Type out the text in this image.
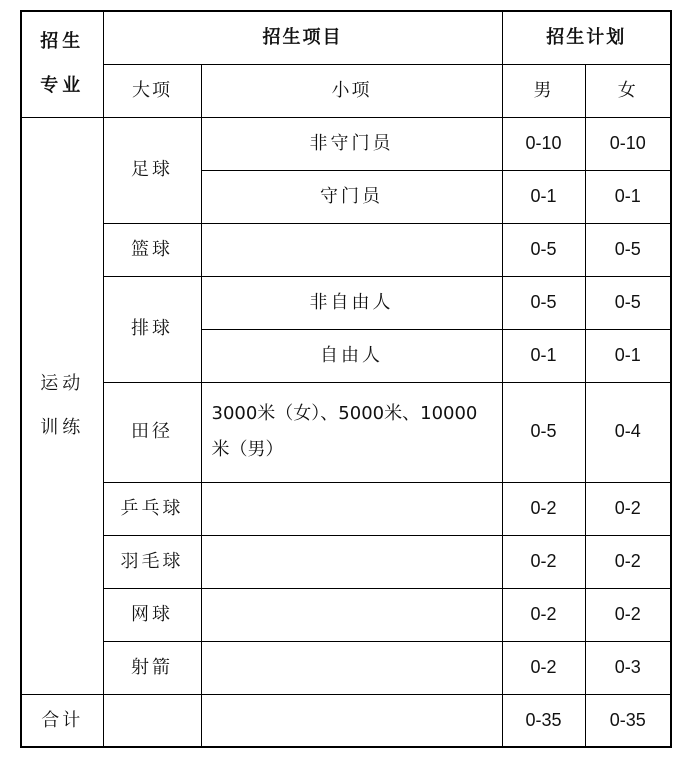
招生
专业	招生项目		招生计划	
	大项	小项	男	女
运动
训练	足球	非守门员	0-10	0-10
		守门员	0-1	0-1
	篮球		0-5	0-5
	排球	非自由人	0-5	0-5
		自由人	0-1	0-1
	田径	3000米（女）、5000米、10000米（男）	0-5	0-4
	乒乓球		0-2	0-2
	羽毛球		0-2	0-2
	网球		0-2	0-2
	射箭		0-2	0-3
合计			0-35	0-35
